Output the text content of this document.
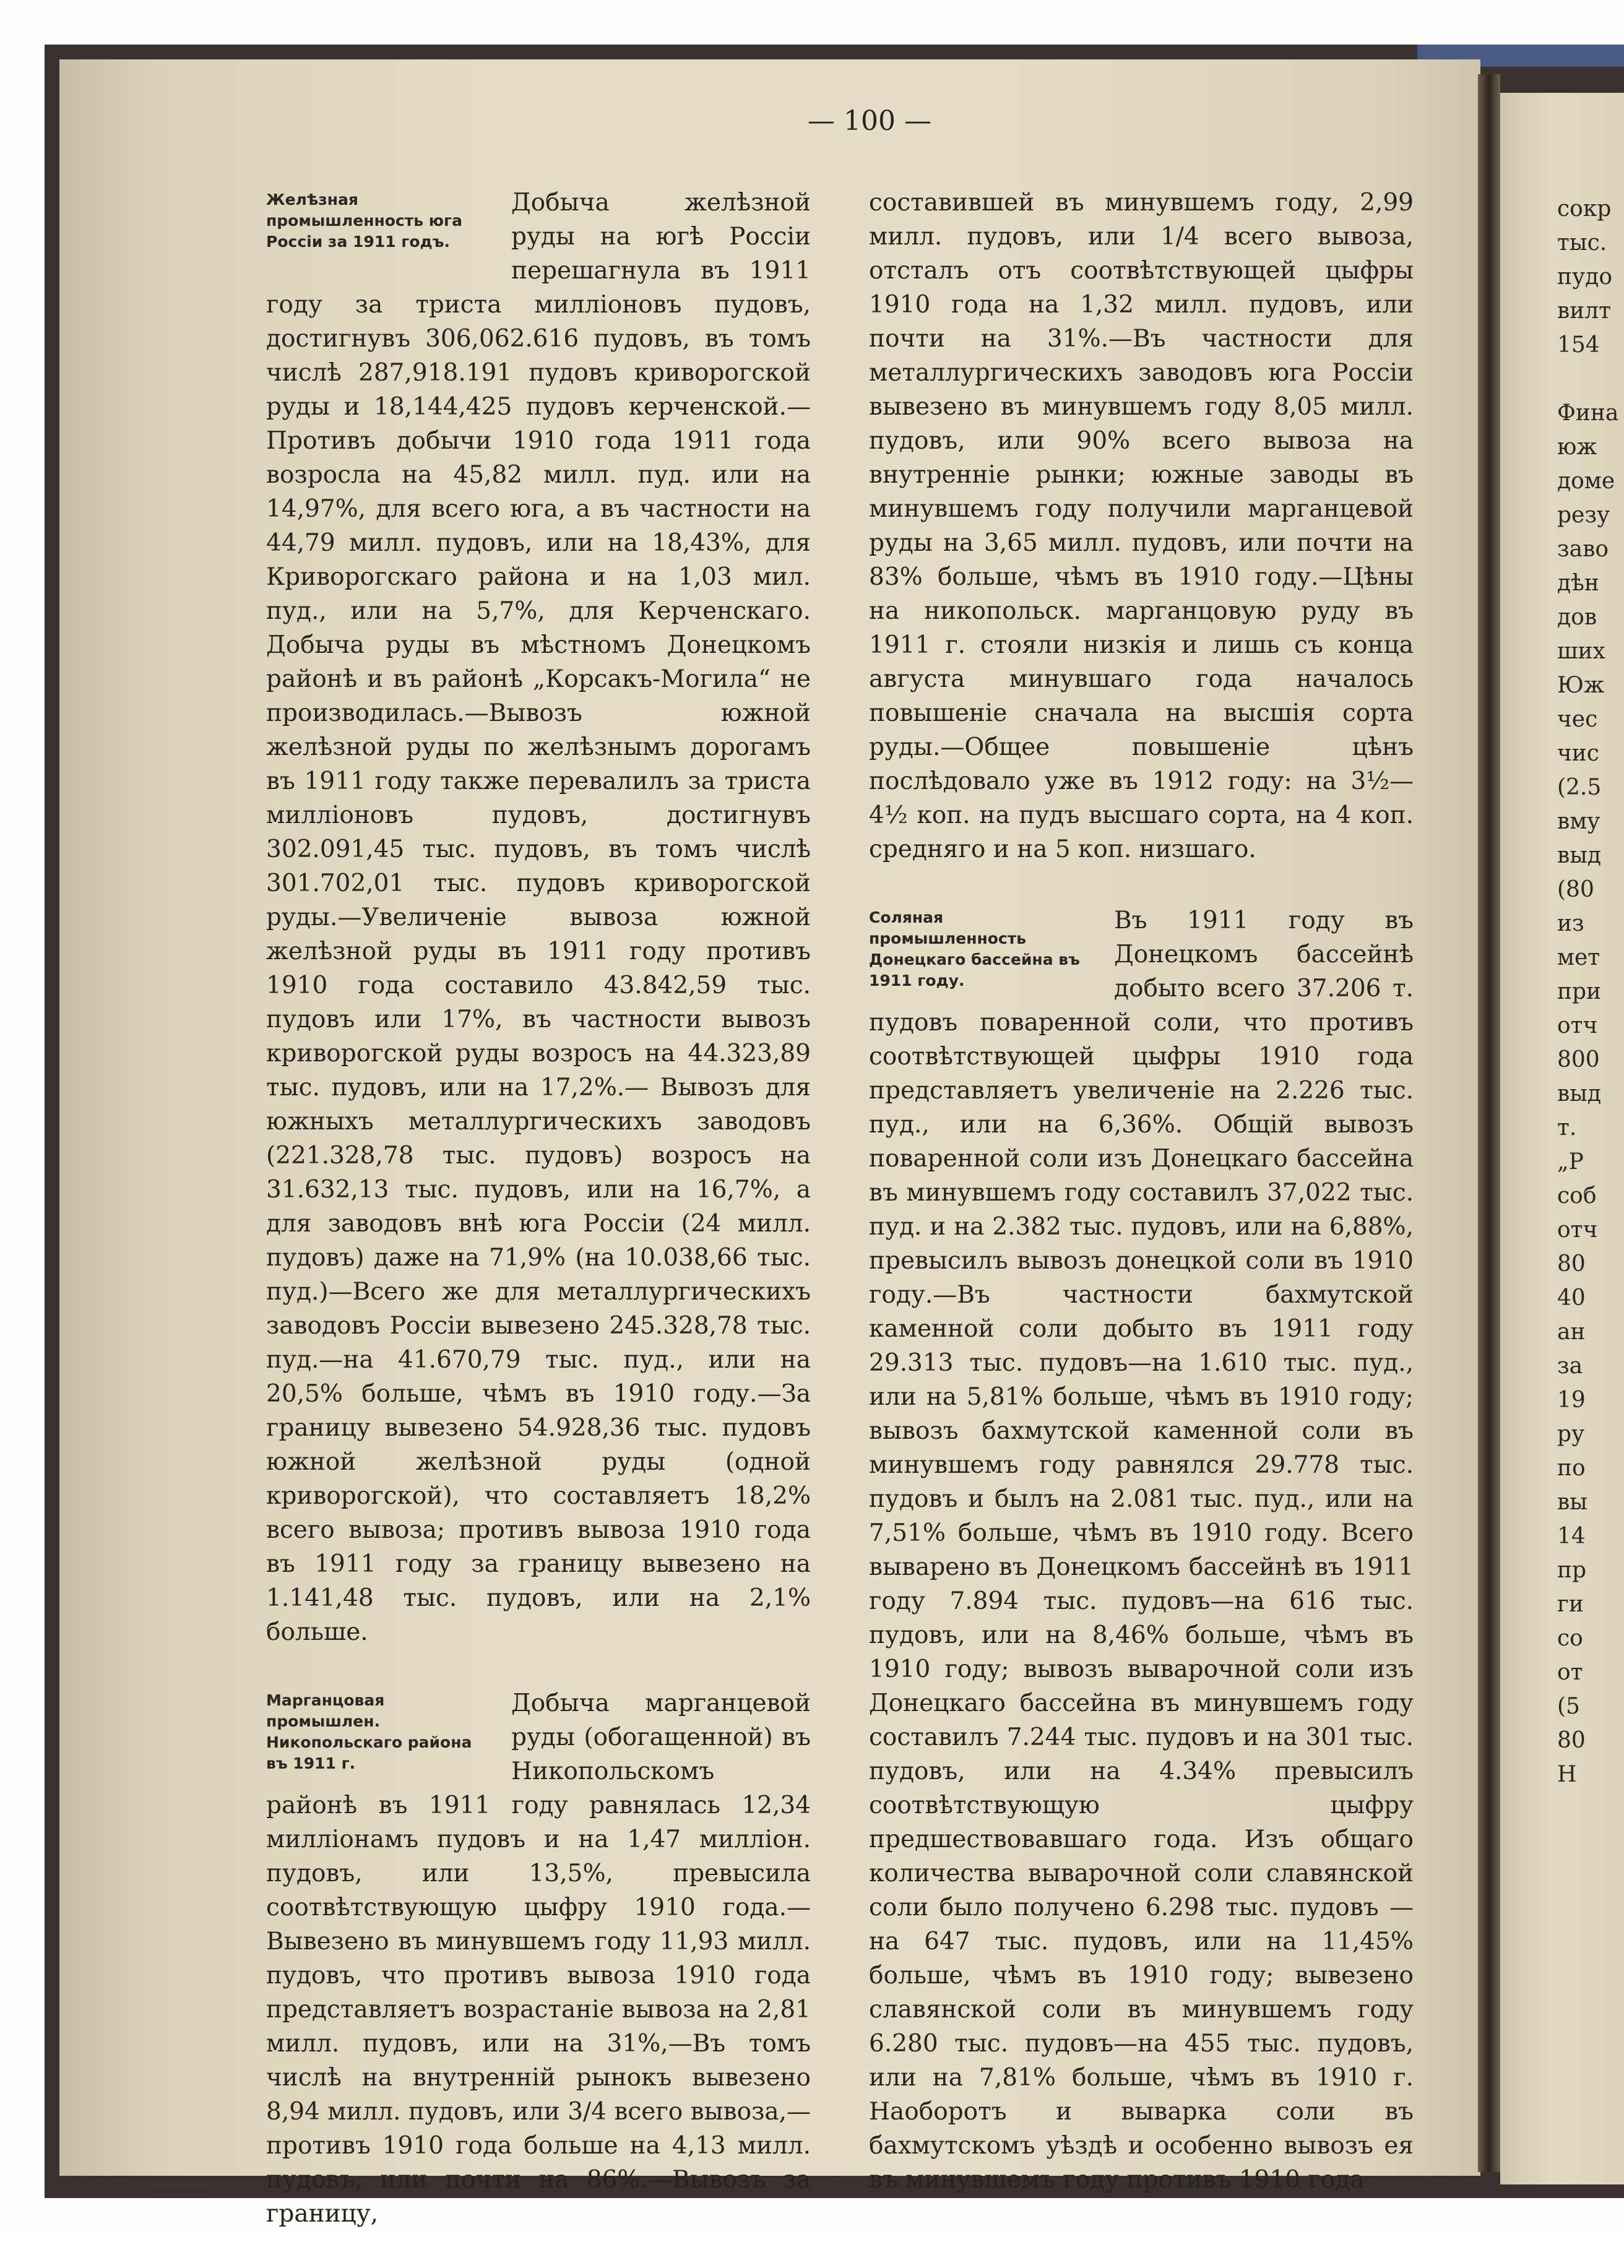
— 100 —
Желѣзная промышленность юга Россіи за 1911 годъ.
Добыча желѣзной руды на югѣ Россіи перешагнула въ 1911 году за триста милліоновъ пудовъ, достигнувъ 306,062.616 пудовъ, въ томъ числѣ 287,918.191 пудовъ криворогской руды и 18,144,425 пудовъ керченской.— Противъ добычи 1910 года 1911 года возросла на 45,82 милл. пуд. или на 14,97%, для всего юга, а въ частности на 44,79 милл. пудовъ, или на 18,43%, для Криворогскаго района и на 1,03 мил. пуд., или на 5,7%, для Керченскаго. Добыча руды въ мѣстномъ Донецкомъ районѣ и въ районѣ „Корсакъ-Могила“ не производилась.—Вывозъ южной желѣзной руды по желѣзнымъ дорогамъ въ 1911 году также перевалилъ за триста милліоновъ пудовъ, достигнувъ 302.091,45 тыс. пудовъ, въ томъ числѣ 301.702,01 тыс. пудовъ криворогской руды.—Увеличеніе вывоза южной желѣзной руды въ 1911 году противъ 1910 года составило 43.842,59 тыс. пудовъ или 17%, въ частности вывозъ криворогской руды возросъ на 44.323,89 тыс. пудовъ, или на 17,2%.— Вывозъ для южныхъ металлургическихъ заводовъ (221.328,78 тыс. пудовъ) возросъ на 31.632,13 тыс. пудовъ, или на 16,7%, а для заводовъ внѣ юга Россіи (24 милл. пудовъ) даже на 71,9% (на 10.038,66 тыс. пуд.)—Всего же для металлургическихъ заводовъ Россіи вывезено 245.328,78 тыс. пуд.—на 41.670,79 тыс. пуд., или на 20,5% больше, чѣмъ въ 1910 году.—За границу вывезено 54.928,36 тыс. пудовъ южной желѣзной руды (одной криворогской), что составляетъ 18,2% всего вывоза; противъ вывоза 1910 года въ 1911 году за границу вывезено на 1.141,48 тыс. пудовъ, или на 2,1% больше.
Марганцовая промышлен. Никопольскаго района въ 1911 г.
Добыча марганцевой руды (обогащенной) въ Никопольскомъ районѣ въ 1911 году равнялась 12,34 милліонамъ пудовъ и на 1,47 милліон. пудовъ, или 13,5%, превысила соотвѣтствующую цыфру 1910 года.—Вывезено въ минувшемъ году 11,93 милл. пудовъ, что противъ вывоза 1910 года представляетъ возрастаніе вывоза на 2,81 милл. пудовъ, или на 31%,—Въ томъ числѣ на внутренній рынокъ вывезено 8,94 милл. пудовъ, или 3/4 всего вывоза,—противъ 1910 года больше на 4,13 милл. пудовъ, или почти на 86%.—Вывозъ за границу,
составившей въ минувшемъ году, 2,99 милл. пудовъ, или 1/4 всего вывоза, отсталъ отъ соотвѣтствующей цыфры 1910 года на 1,32 милл. пудовъ, или почти на 31%.—Въ частности для металлургическихъ заводовъ юга Россіи вывезено въ минувшемъ году 8,05 милл. пудовъ, или 90% всего вывоза на внутренніе рынки; южные заводы въ минувшемъ году получили марганцевой руды на 3,65 милл. пудовъ, или почти на 83% больше, чѣмъ въ 1910 году.—Цѣны на никопольск. марганцовую руду въ 1911 г. стояли низкія и лишь съ конца августа минувшаго года началось повышеніе сначала на высшія сорта руды.—Общее повышеніе цѣнъ послѣдовало уже въ 1912 году: на 3½—4½ коп. на пудъ высшаго сорта, на 4 коп. средняго и на 5 коп. низшаго.
Соляная промышленность Донецкаго бассейна въ 1911 году.
Въ 1911 году въ Донецкомъ бассейнѣ добыто всего 37.206 т. пудовъ поваренной соли, что противъ соотвѣтствующей цыфры 1910 года представляетъ увеличеніе на 2.226 тыс. пуд., или на 6,36%. Общій вывозъ поваренной соли изъ Донецкаго бассейна въ минувшемъ году составилъ 37,022 тыс. пуд. и на 2.382 тыс. пудовъ, или на 6,88%, превысилъ вывозъ донецкой соли въ 1910 году.—Въ частности бахмутской каменной соли добыто въ 1911 году 29.313 тыс. пудовъ—на 1.610 тыс. пуд., или на 5,81% больше, чѣмъ въ 1910 году; вывозъ бахмутской каменной соли въ минувшемъ году равнялся 29.778 тыс. пудовъ и былъ на 2.081 тыс. пуд., или на 7,51% больше, чѣмъ въ 1910 году. Всего выварено въ Донецкомъ бассейнѣ въ 1911 году 7.894 тыс. пудовъ—на 616 тыс. пудовъ, или на 8,46% больше, чѣмъ въ 1910 году; вывозъ выварочной соли изъ Донецкаго бассейна въ минувшемъ году составилъ 7.244 тыс. пудовъ и на 301 тыс. пудовъ, или на 4.34% превысилъ соотвѣтствующую цыфру предшествовавшаго года. Изъ общаго количества выварочной соли славянской соли было получено 6.298 тыс. пудовъ —на 647 тыс. пудовъ, или на 11,45% больше, чѣмъ въ 1910 году; вывезено славянской соли въ минувшемъ году 6.280 тыс. пудовъ—на 455 тыс. пудовъ, или на 7,81% больше, чѣмъ въ 1910 г. Наоборотъ и выварка соли въ бахмутскомъ уѣздѣ и особенно вывозъ ея въ минувшемъ году противъ 1910 года
сокр
тыс.
пудо
вилт
154

Фина
юж
доме
резу
заво
дѣн
дов
ших
Юж
чес
чис
(2.5
вму
выд
(80
из
мет
при
отч
800
выд
т.
„Р
соб
отч
80
40
ан
за
19
ру
по
вы
14
пр
ги
со
от
(5
80
Н
